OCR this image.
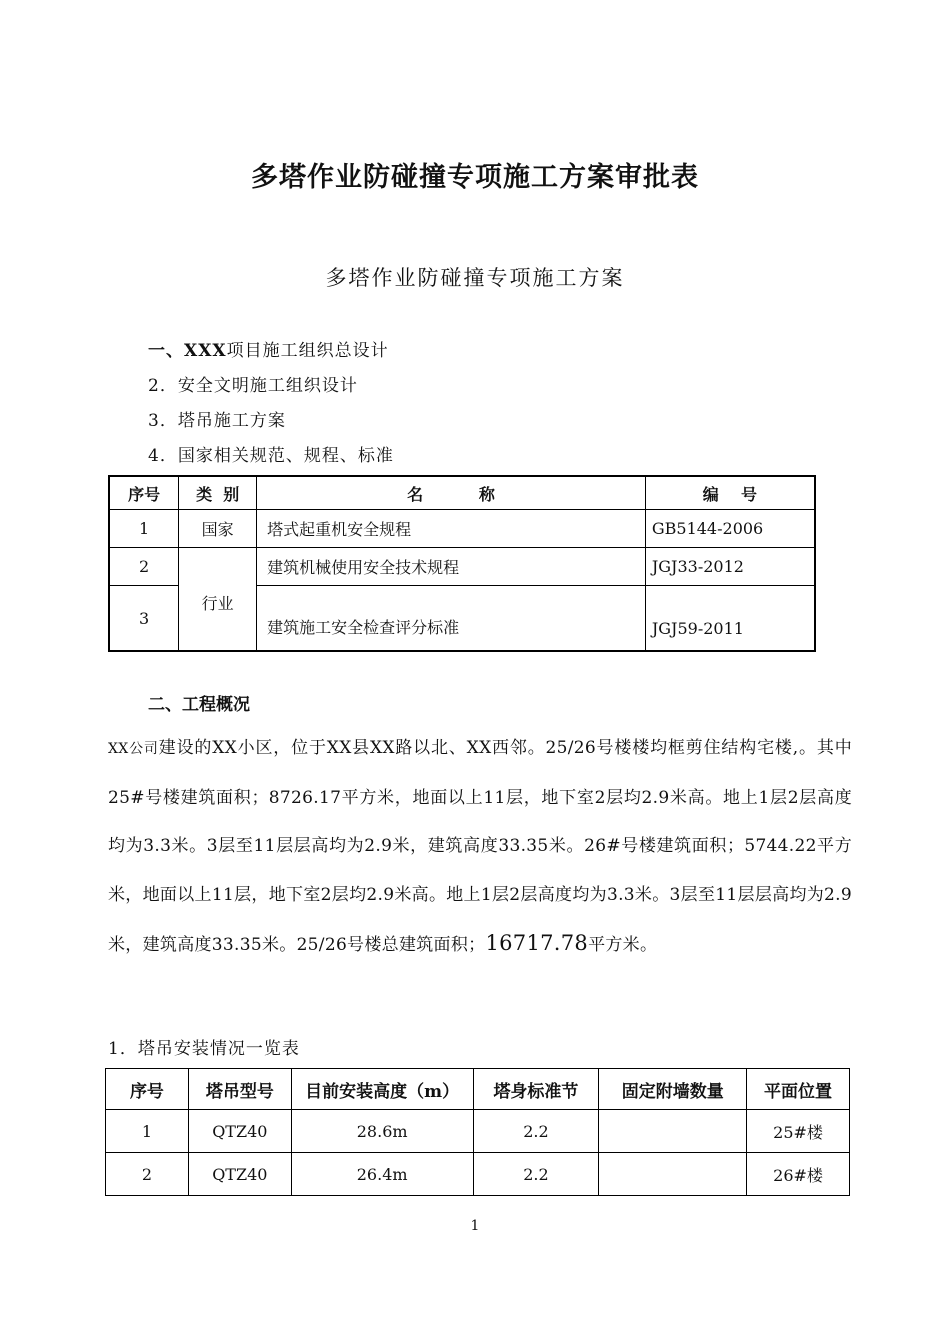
多塔作业防碰撞专项施工方案审批表
多塔作业防碰撞专项施工方案
一、XXX项目施工组织总设计
2．安全文明施工组织设计
3．塔吊施工方案
4．国家相关规范、规程、标准
序号	类  别	名          称	编    号
1	国家	塔式起重机安全规程	GB5144-2006
2	行业	建筑机械使用安全技术规程	JGJ33-2012
3		建筑施工安全检查评分标准	JGJ59-2011
二、工程概况
XX公司建设的XX小区，位于XX县XX路以北、XX西邻。25/26号楼楼均框剪住结构宅楼,。其中25#号楼建筑面积；8726.17平方米，地面以上11层，地下室2层均2.9米高。地上1层2层高度均为3.3米。3层至11层层高均为2.9米，建筑高度33.35米。26#号楼建筑面积；5744.22平方米，地面以上11层，地下室2层均2.9米高。地上1层2层高度均为3.3米。3层至11层层高均为2.9米，建筑高度33.35米。25/26号楼总建筑面积；16717.78平方米。
1．塔吊安装情况一览表
序号	塔吊型号	目前安装高度（m）	塔身标准节	固定附墙数量	平面位置
1	QTZ40	28.6m	2.2		25#楼
2	QTZ40	26.4m	2.2		26#楼
1
